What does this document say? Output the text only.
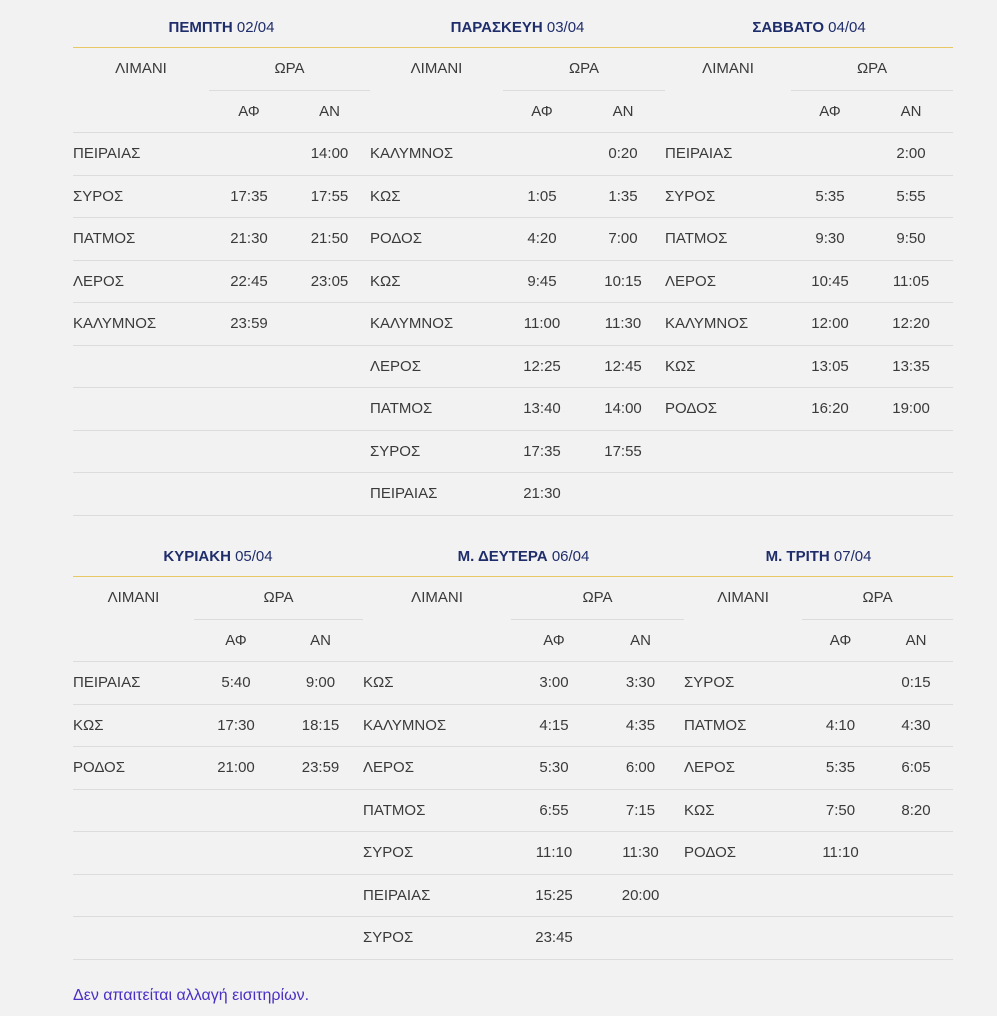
ΠΕΜΠΤΗ 02/04		
ΛΙΜΑΝΙ	ΩΡΑ	
	ΑΦ	ΑΝ
ΠΕΙΡΑΙΑΣ		14:00
ΣΥΡΟΣ	17:35	17:55
ΠΑΤΜΟΣ	21:30	21:50
ΛΕΡΟΣ	22:45	23:05
ΚΑΛΥΜΝΟΣ	23:59	

ΠΑΡΑΣΚΕΥΗ 03/04		
ΛΙΜΑΝΙ	ΩΡΑ	
	ΑΦ	ΑΝ
ΚΑΛΥΜΝΟΣ		0:20
ΚΩΣ	1:05	1:35
ΡΟΔΟΣ	4:20	7:00
ΚΩΣ	9:45	10:15
ΚΑΛΥΜΝΟΣ	11:00	11:30
ΛΕΡΟΣ	12:25	12:45
ΠΑΤΜΟΣ	13:40	14:00
ΣΥΡΟΣ	17:35	17:55
ΠΕΙΡΑΙΑΣ	21:30	
ΣΑΒΒΑΤΟ 04/04		
ΛΙΜΑΝΙ	ΩΡΑ	
	ΑΦ	ΑΝ
ΠΕΙΡΑΙΑΣ		2:00
ΣΥΡΟΣ	5:35	5:55
ΠΑΤΜΟΣ	9:30	9:50
ΛΕΡΟΣ	10:45	11:05
ΚΑΛΥΜΝΟΣ	12:00	12:20
ΚΩΣ	13:05	13:35
ΡΟΔΟΣ	16:20	19:00

ΚΥΡΙΑΚΗ 05/04		
ΛΙΜΑΝΙ	ΩΡΑ	
	ΑΦ	ΑΝ
ΠΕΙΡΑΙΑΣ	5:40	9:00
ΚΩΣ	17:30	18:15
ΡΟΔΟΣ	21:00	23:59

Μ. ΔΕΥΤΕΡΑ 06/04		
ΛΙΜΑΝΙ	ΩΡΑ	
	ΑΦ	ΑΝ
ΚΩΣ	3:00	3:30
ΚΑΛΥΜΝΟΣ	4:15	4:35
ΛΕΡΟΣ	5:30	6:00
ΠΑΤΜΟΣ	6:55	7:15
ΣΥΡΟΣ	11:10	11:30
ΠΕΙΡΑΙΑΣ	15:25	20:00
ΣΥΡΟΣ	23:45	
Μ. ΤΡΙΤΗ 07/04		
ΛΙΜΑΝΙ	ΩΡΑ	
	ΑΦ	ΑΝ
ΣΥΡΟΣ		0:15
ΠΑΤΜΟΣ	4:10	4:30
ΛΕΡΟΣ	5:35	6:05
ΚΩΣ	7:50	8:20
ΡΟΔΟΣ	11:10	

Δεν απαιτείται αλλαγή εισιτηρίων.
